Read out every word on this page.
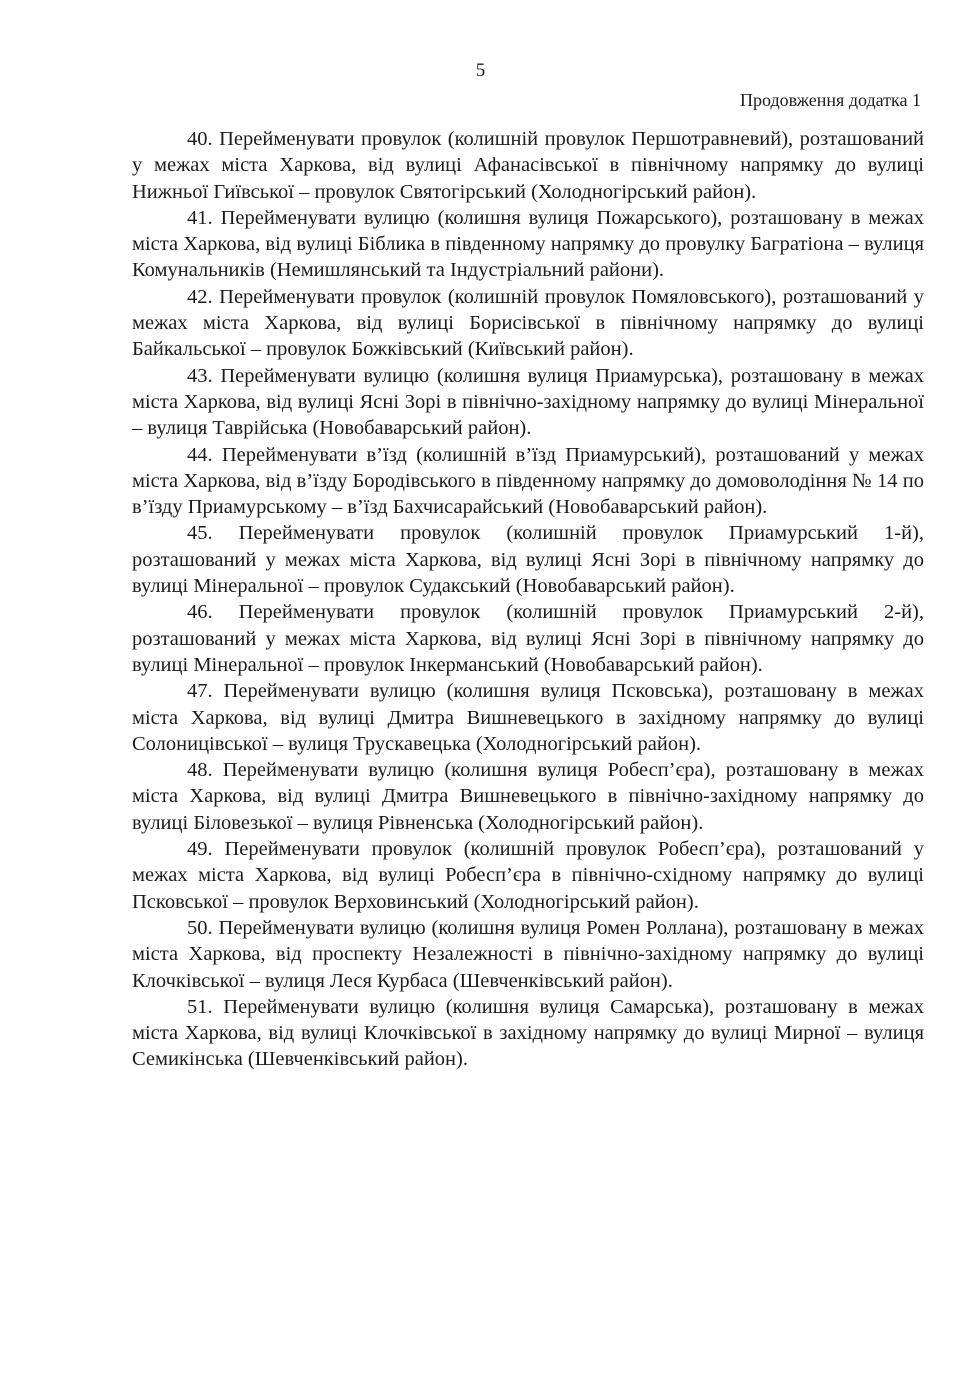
5
Продовження додатка 1

40. Перейменувати провулок (колишній провулок Першотравневий), розташований у межах міста Харкова, від вулиці Афанасівської в північному напрямку до вулиці Нижньої Гиївської – провулок Святогірський (Холодногірський район).

41. Перейменувати вулицю (колишня вулиця Пожарського), розташовану в межах міста Харкова, від вулиці Біблика в південному напрямку до провулку Багратіона – вулиця Комунальників (Немишлянський та Індустріальний райони).

42. Перейменувати провулок (колишній провулок Помяловського), розташований у межах міста Харкова, від вулиці Борисівської в північному напрямку до вулиці Байкальської – провулок Божківський (Київський район).

43. Перейменувати вулицю (колишня вулиця Приамурська), розташовану в межах міста Харкова, від вулиці Ясні Зорі в північно-західному напрямку до вулиці Мінеральної – вулиця Таврійська (Новобаварський район).

44. Перейменувати в’їзд (колишній в’їзд Приамурський), розташований у межах міста Харкова, від в’їзду Бородівського в південному напрямку до домоволодіння № 14 по в’їзду Приамурському – в’їзд Бахчисарайський (Новобаварський район).

45. Перейменувати провулок (колишній провулок Приамурський 1-й), розташований у межах міста Харкова, від вулиці Ясні Зорі в північному напрямку до вулиці Мінеральної – провулок Судакський (Новобаварський район).

46. Перейменувати провулок (колишній провулок Приамурський 2-й), розташований у межах міста Харкова, від вулиці Ясні Зорі в північному напрямку до вулиці Мінеральної – провулок Інкерманський (Новобаварський район).

47. Перейменувати вулицю (колишня вулиця Псковська), розташовану в межах міста Харкова, від вулиці Дмитра Вишневецького в західному напрямку до вулиці Солоницівської – вулиця Трускавецька (Холодногірський район).

48. Перейменувати вулицю (колишня вулиця Робесп’єра), розташовану в межах міста Харкова, від вулиці Дмитра Вишневецького в північно-західному напрямку до вулиці Біловезької – вулиця Рівненська (Холодногірський район).

49. Перейменувати провулок (колишній провулок Робесп’єра), розташований у межах міста Харкова, від вулиці Робесп’єра в північно-східному напрямку до вулиці Псковської – провулок Верховинський (Холодногірський район).

50. Перейменувати вулицю (колишня вулиця Ромен Роллана), розташовану в межах міста Харкова, від проспекту Незалежності в північно-західному напрямку до вулиці Клочківської – вулиця Леся Курбаса (Шевченківський район).

51. Перейменувати вулицю (колишня вулиця Самарська), розташовану в межах міста Харкова, від вулиці Клочківської в західному напрямку до вулиці Мирної – вулиця Семикінська (Шевченківський район).
